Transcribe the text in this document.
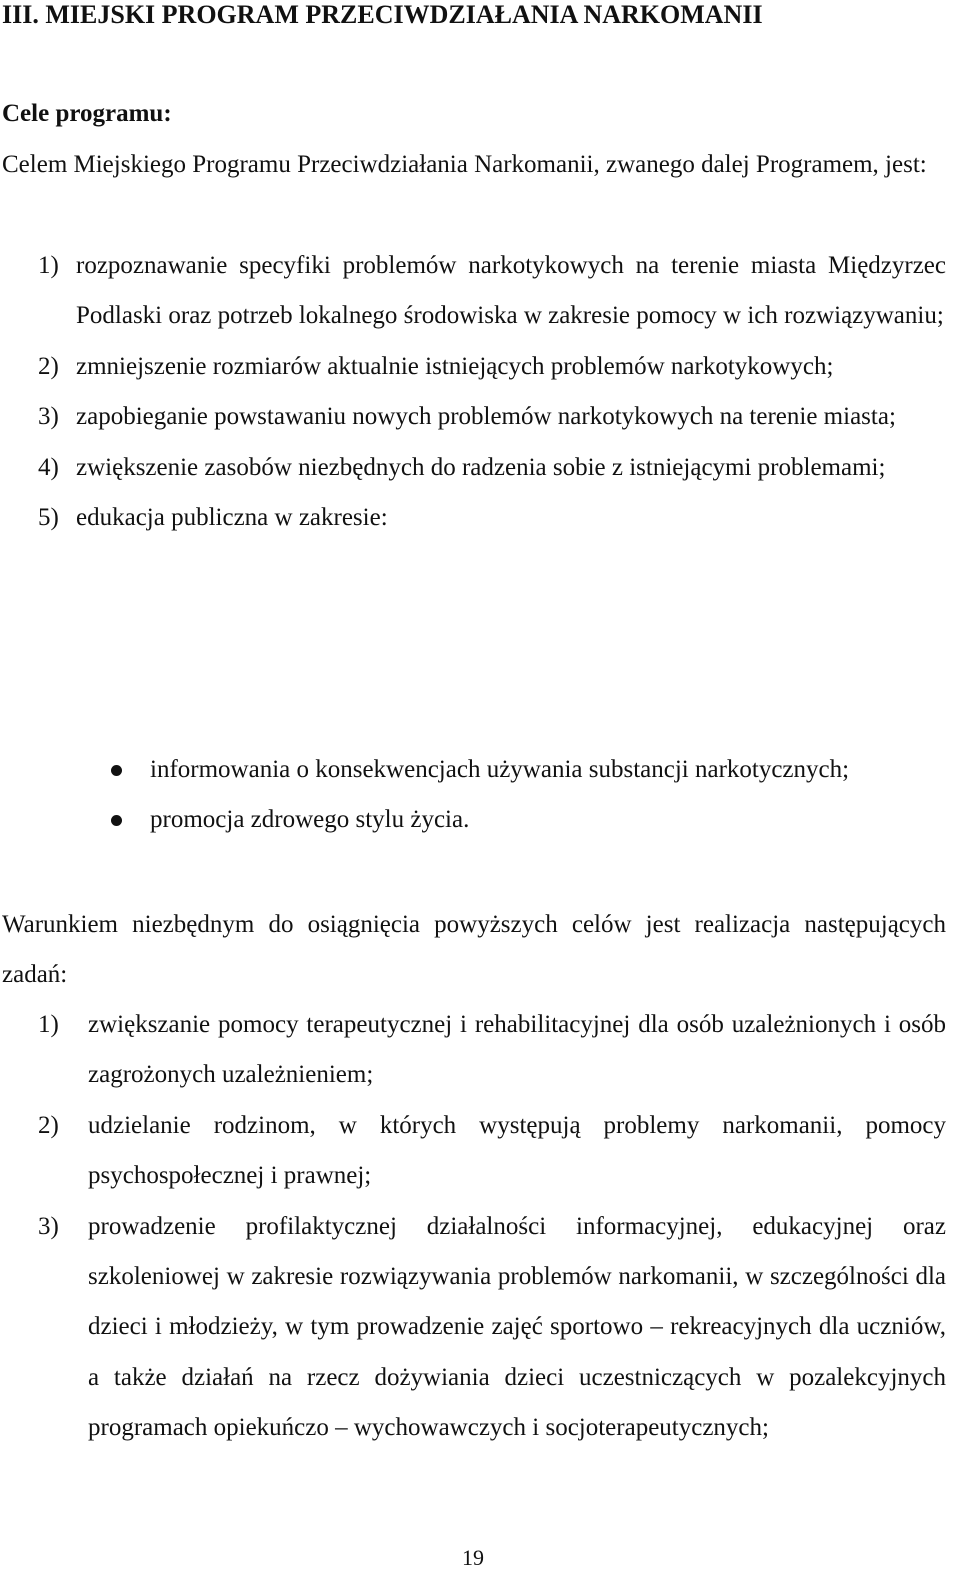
III. MIEJSKI PROGRAM PRZECIWDZIAŁANIA NARKOMANII
Cele programu:

Celem Miejskiego Programu Przeciwdziałania Narkomanii, zwanego dalej Programem, jest:

1) rozpoznawanie specyfiki problemów narkotykowych na terenie miasta Międzyrzec Podlaski oraz potrzeb lokalnego środowiska w zakresie pomocy w ich rozwiązywaniu;
2) zmniejszenie rozmiarów aktualnie istniejących problemów narkotykowych;
3) zapobieganie powstawaniu nowych problemów narkotykowych na terenie miasta;
4) zwiększenie zasobów niezbędnych do radzenia sobie z istniejącymi problemami;
5) edukacja publiczna w zakresie:
informowania o konsekwencjach używania substancji narkotycznych;
promocja zdrowego stylu życia.

Warunkiem niezbędnym do osiągnięcia powyższych celów jest realizacja następujących zadań:

1) zwiększanie pomocy terapeutycznej i rehabilitacyjnej dla osób uzależnionych i osób zagrożonych uzależnieniem;
2) udzielanie rodzinom, w których występują problemy narkomanii, pomocy psychospołecznej i prawnej;
3) prowadzenie profilaktycznej działalności informacyjnej, edukacyjnej oraz szkoleniowej w zakresie rozwiązywania problemów narkomanii, w szczególności dla dzieci i młodzieży, w tym prowadzenie zajęć sportowo – rekreacyjnych dla uczniów, a także działań na rzecz dożywiania dzieci uczestniczących w pozalekcyjnych programach opiekuńczo – wychowawczych i socjoterapeutycznych;

19
